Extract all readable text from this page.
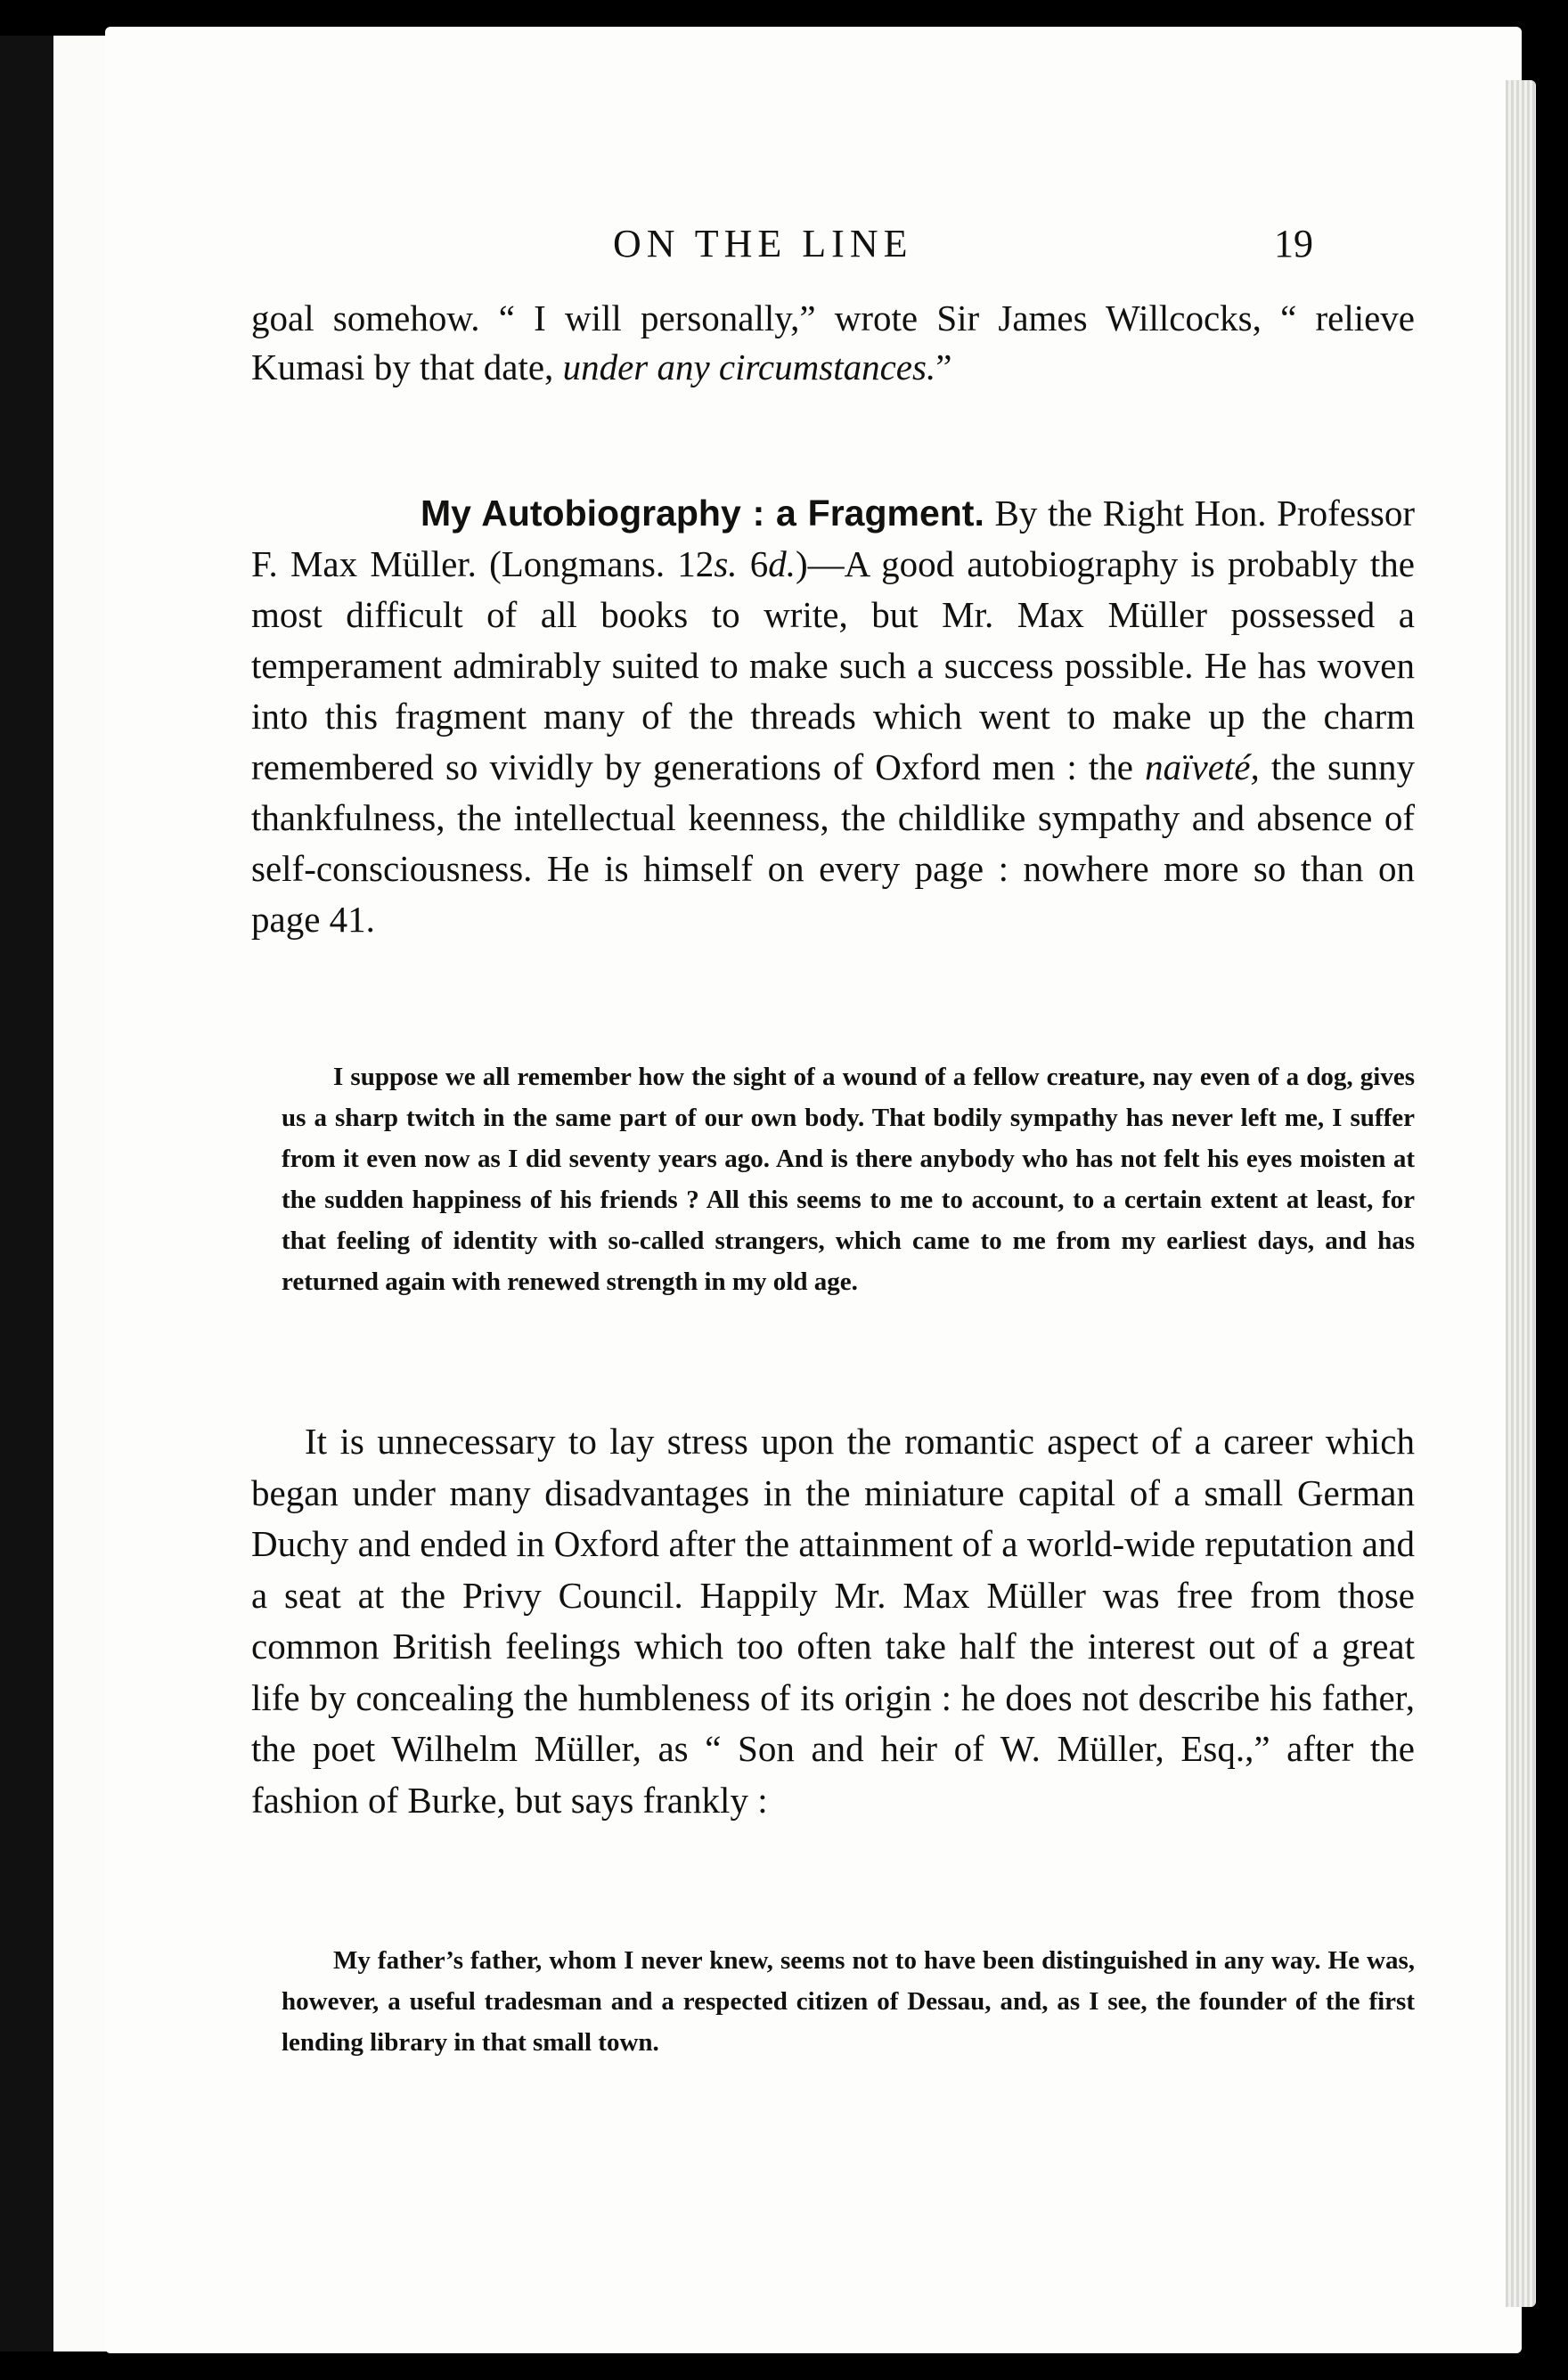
ON THE LINE	19

goal somehow. “ I will personally,” wrote Sir James Willcocks, “ relieve Kumasi by that date, under any circumstances.”

My Autobiography : a Fragment. By the Right Hon. Professor F. Max Müller. (Longmans. 12s. 6d.)—A good autobiography is probably the most difficult of all books to write, but Mr. Max Müller possessed a temperament admirably suited to make such a success possible. He has woven into this fragment many of the threads which went to make up the charm remembered so vividly by generations of Oxford men : the naïveté, the sunny thankfulness, the intellectual keenness, the childlike sympathy and absence of self-consciousness. He is himself on every page : nowhere more so than on page 41.

I suppose we all remember how the sight of a wound of a fellow creature, nay even of a dog, gives us a sharp twitch in the same part of our own body. That bodily sympathy has never left me, I suffer from it even now as I did seventy years ago. And is there anybody who has not felt his eyes moisten at the sudden happiness of his friends ? All this seems to me to account, to a certain extent at least, for that feeling of identity with so-called strangers, which came to me from my earliest days, and has returned again with renewed strength in my old age.

It is unnecessary to lay stress upon the romantic aspect of a career which began under many disadvantages in the miniature capital of a small German Duchy and ended in Oxford after the attainment of a world-wide reputation and a seat at the Privy Council. Happily Mr. Max Müller was free from those common British feelings which too often take half the interest out of a great life by concealing the humbleness of its origin : he does not describe his father, the poet Wilhelm Müller, as “ Son and heir of W. Müller, Esq.,” after the fashion of Burke, but says frankly :

My father’s father, whom I never knew, seems not to have been distinguished in any way. He was, however, a useful tradesman and a respected citizen of Dessau, and, as I see, the founder of the first lending library in that small town.
